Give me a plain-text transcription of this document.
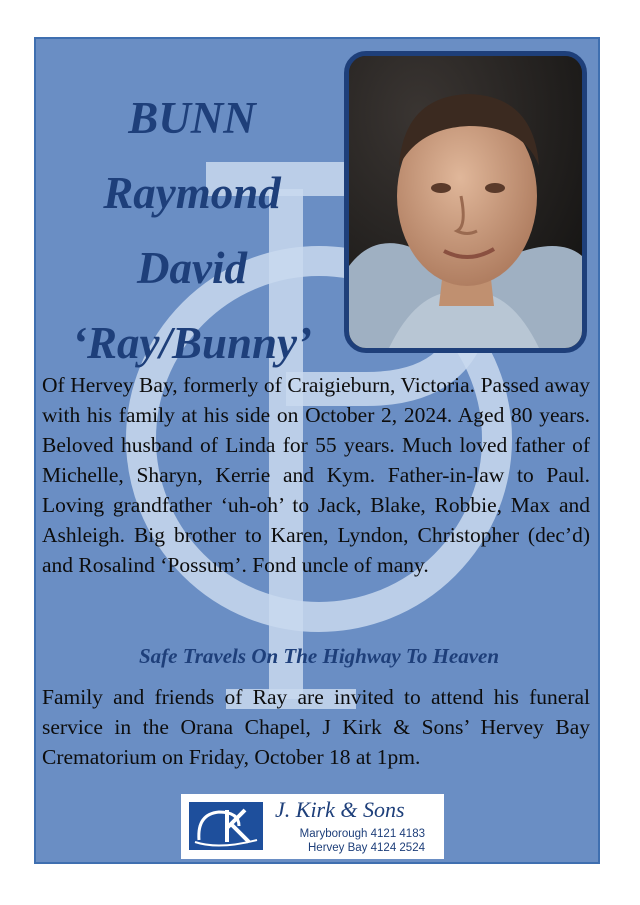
BUNN
Raymond
David
‘Ray/Bunny’
Of Hervey Bay, formerly of Craigieburn, Victoria. Passed away with his family at his side on October 2, 2024. Aged 80 years. Beloved husband of Linda for 55 years. Much loved father of Michelle, Sharyn, Kerrie and Kym. Father-in-law to Paul. Loving grandfather ‘uh-oh’ to Jack, Blake, Robbie, Max and Ashleigh. Big brother to Karen, Lyndon, Christopher (dec’d) and Rosalind ‘Possum’. Fond uncle of many.
Safe Travels On The Highway To Heaven
Family and friends of Ray are invited to attend his funeral service in the Orana Chapel, J Kirk & Sons’ Hervey Bay Crematorium on Friday, October 18 at 1pm.
J. Kirk & Sons
Maryborough 4121 4183
Hervey Bay 4124 2524
